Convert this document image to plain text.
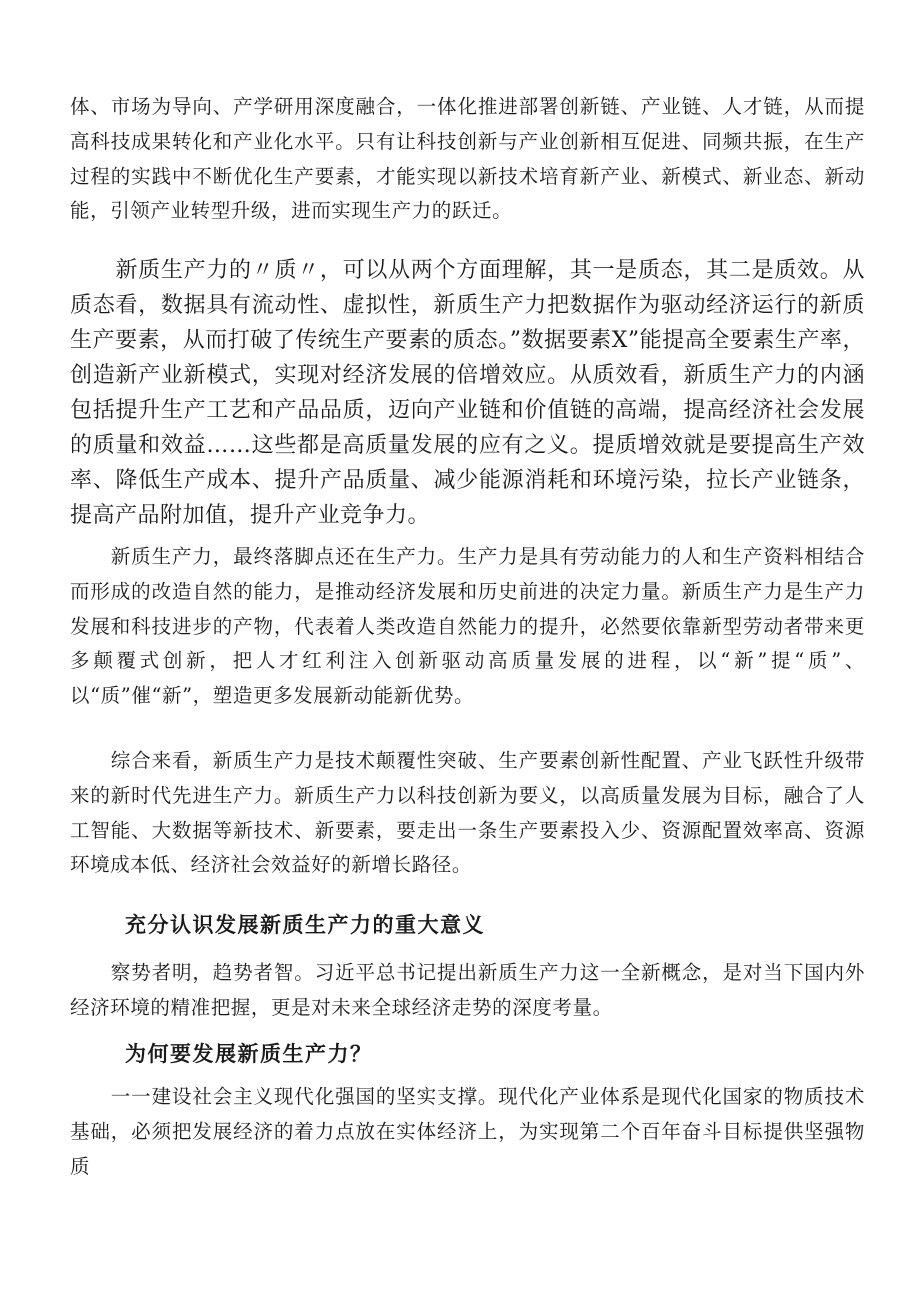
体、市场为导向、产学研用深度融合，一体化推进部署创新链、产业链、人才链，从而提高科技成果转化和产业化水平。只有让科技创新与产业创新相互促进、同频共振，在生产过程的实践中不断优化生产要素，才能实现以新技术培育新产业、新模式、新业态、新动能，引领产业转型升级，进而实现生产力的跃迁。

　　新质生产力的〃质〃，可以从两个方面理解，其一是质态，其二是质效。从质态看，数据具有流动性、虚拟性，新质生产力把数据作为驱动经济运行的新质生产要素，从而打破了传统生产要素的质态。”数据要素X”能提高全要素生产率，创造新产业新模式，实现对经济发展的倍增效应。从质效看，新质生产力的内涵包括提升生产工艺和产品品质，迈向产业链和价值链的高端，提高经济社会发展的质量和效益……这些都是高质量发展的应有之义。提质增效就是要提高生产效率、降低生产成本、提升产品质量、减少能源消耗和环境污染，拉长产业链条，提高产品附加值，提升产业竞争力。

　　新质生产力，最终落脚点还在生产力。生产力是具有劳动能力的人和生产资料相结合而形成的改造自然的能力，是推动经济发展和历史前进的决定力量。新质生产力是生产力发展和科技进步的产物，代表着人类改造自然能力的提升，必然要依靠新型劳动者带来更多颠覆式创新，把人才红利注入创新驱动高质量发展的进程，以“新”提“质”、以“质”催“新”，塑造更多发展新动能新优势。

　　综合来看，新质生产力是技术颠覆性突破、生产要素创新性配置、产业飞跃性升级带来的新时代先进生产力。新质生产力以科技创新为要义，以高质量发展为目标，融合了人工智能、大数据等新技术、新要素，要走出一条生产要素投入少、资源配置效率高、资源环境成本低、经济社会效益好的新增长路径。

充分认识发展新质生产力的重大意义

　　察势者明，趋势者智。习近平总书记提出新质生产力这一全新概念，是对当下国内外经济环境的精准把握，更是对未来全球经济走势的深度考量。

为何要发展新质生产力？

　　一一建设社会主义现代化强国的坚实支撑。现代化产业体系是现代化国家的物质技术基础，必须把发展经济的着力点放在实体经济上，为实现第二个百年奋斗目标提供坚强物质
